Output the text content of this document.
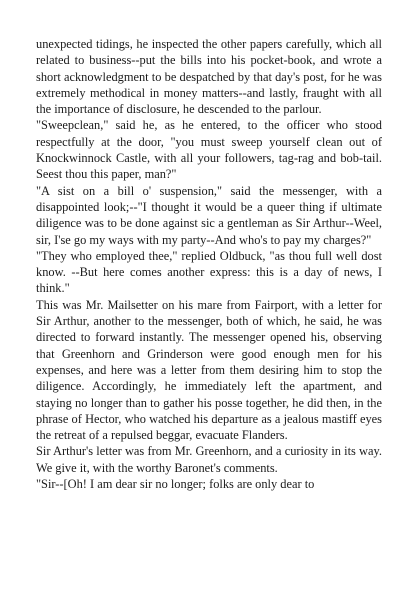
unexpected tidings, he inspected the other papers carefully, which all related to business--put the bills into his pocket-book, and wrote a short acknowledgment to be despatched by that day's post, for he was extremely methodical in money matters--and lastly, fraught with all the importance of disclosure, he descended to the parlour.

"Sweepclean," said he, as he entered, to the officer who stood respectfully at the door, "you must sweep yourself clean out of Knockwinnock Castle, with all your followers, tag-rag and bob-tail. Seest thou this paper, man?"

"A sist on a bill o' suspension," said the messenger, with a disappointed look;--"I thought it would be a queer thing if ultimate diligence was to be done against sic a gentleman as Sir Arthur--Weel, sir, I'se go my ways with my party--And who's to pay my charges?"

"They who employed thee," replied Oldbuck, "as thou full well dost know. --But here comes another express: this is a day of news, I think."

This was Mr. Mailsetter on his mare from Fairport, with a letter for Sir Arthur, another to the messenger, both of which, he said, he was directed to forward instantly. The messenger opened his, observing that Greenhorn and Grinderson were good enough men for his expenses, and here was a letter from them desiring him to stop the diligence. Accordingly, he immediately left the apartment, and staying no longer than to gather his posse together, he did then, in the phrase of Hector, who watched his departure as a jealous mastiff eyes the retreat of a repulsed beggar, evacuate Flanders.

Sir Arthur's letter was from Mr. Greenhorn, and a curiosity in its way. We give it, with the worthy Baronet's comments.

"Sir--[Oh! I am dear sir no longer; folks are only dear to
